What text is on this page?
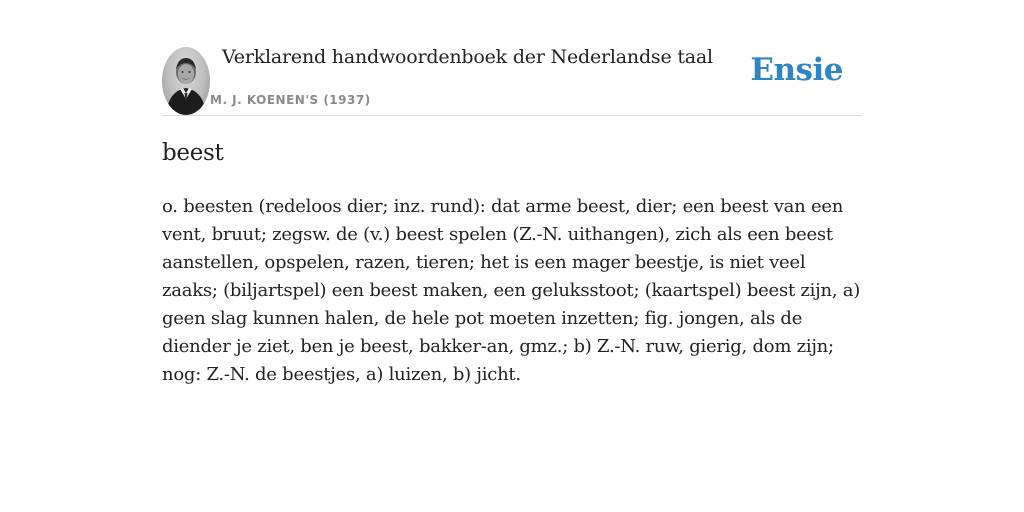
Verklarend handwoordenboek der Nederlandse taal
M. J. KOENEN'S (1937)
Ensie
beest

o. beesten (redeloos dier; inz. rund): dat arme beest, dier; een beest van een vent, bruut; zegsw. de (v.) beest spelen (Z.-N. uithangen), zich als een beest aanstellen, opspelen, razen, tieren; het is een mager beestje, is niet veel zaaks; (biljartspel) een beest maken, een geluksstoot; (kaartspel) beest zijn, a) geen slag kunnen halen, de hele pot moeten inzetten; fig. jongen, als de diender je ziet, ben je beest, bakker-an, gmz.; b) Z.-N. ruw, gierig, dom zijn; nog: Z.-N. de beestjes, a) luizen, b) jicht.
